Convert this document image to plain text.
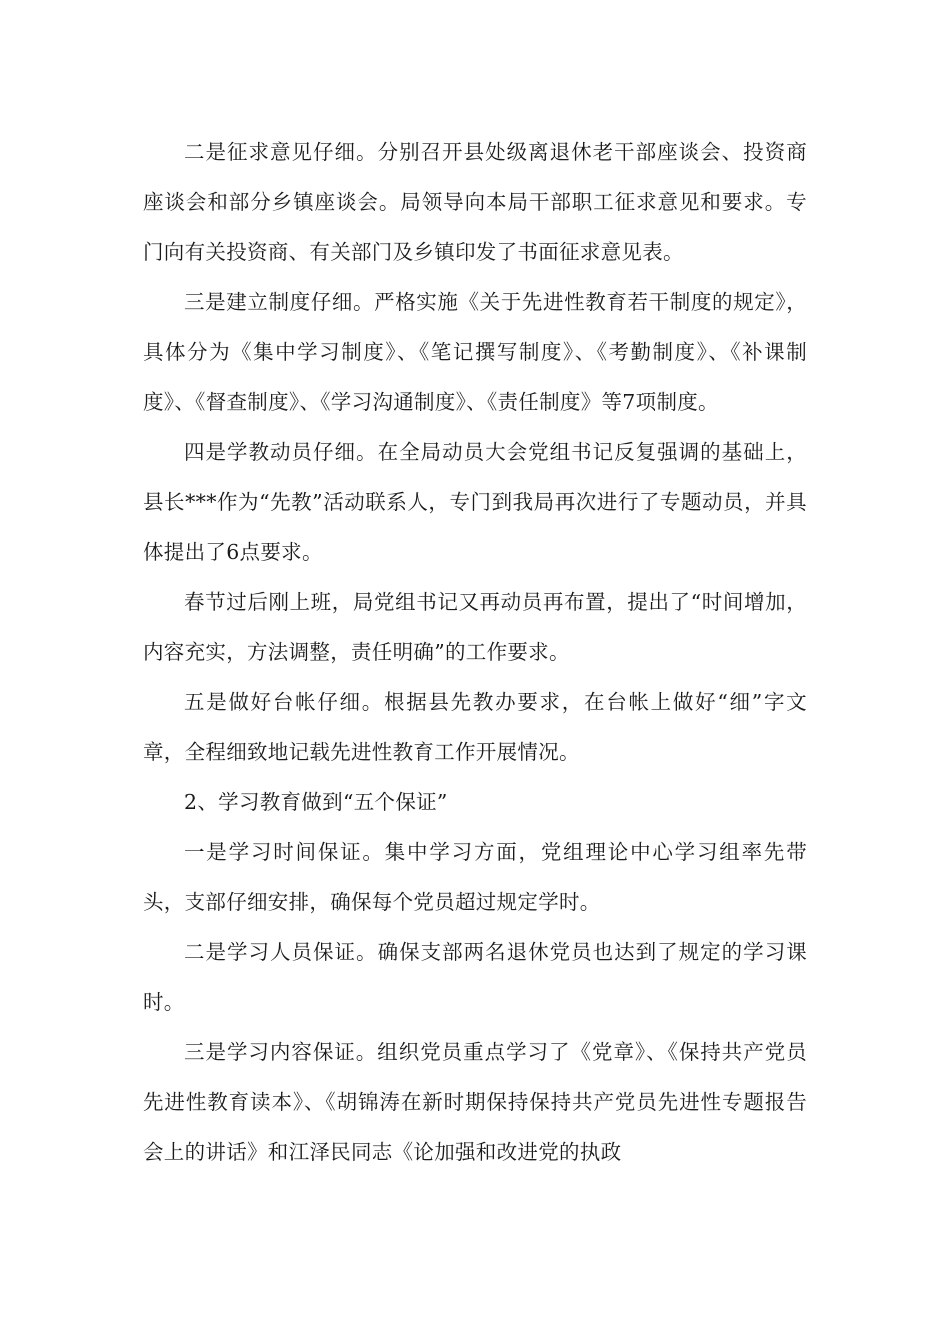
二是征求意见仔细。分别召开县处级离退休老干部座谈会、投资商座谈会和部分乡镇座谈会。局领导向本局干部职工征求意见和要求。专门向有关投资商、有关部门及乡镇印发了书面征求意见表。

三是建立制度仔细。严格实施《关于先进性教育若干制度的规定》，具体分为《集中学习制度》、《笔记撰写制度》、《考勤制度》、《补课制度》、《督查制度》、《学习沟通制度》、《责任制度》等7项制度。

四是学教动员仔细。在全局动员大会党组书记反复强调的基础上，县长***作为“先教”活动联系人，专门到我局再次进行了专题动员，并具体提出了6点要求。

春节过后刚上班，局党组书记又再动员再布置，提出了“时间增加，内容充实，方法调整，责任明确”的工作要求。

五是做好台帐仔细。根据县先教办要求，在台帐上做好“细”字文章，全程细致地记载先进性教育工作开展情况。

2、学习教育做到“五个保证”

一是学习时间保证。集中学习方面，党组理论中心学习组率先带头，支部仔细安排，确保每个党员超过规定学时。

二是学习人员保证。确保支部两名退休党员也达到了规定的学习课时。

三是学习内容保证。组织党员重点学习了《党章》、《保持共产党员先进性教育读本》、《胡锦涛在新时期保持保持共产党员先进性专题报告会上的讲话》和江泽民同志《论加强和改进党的执政
